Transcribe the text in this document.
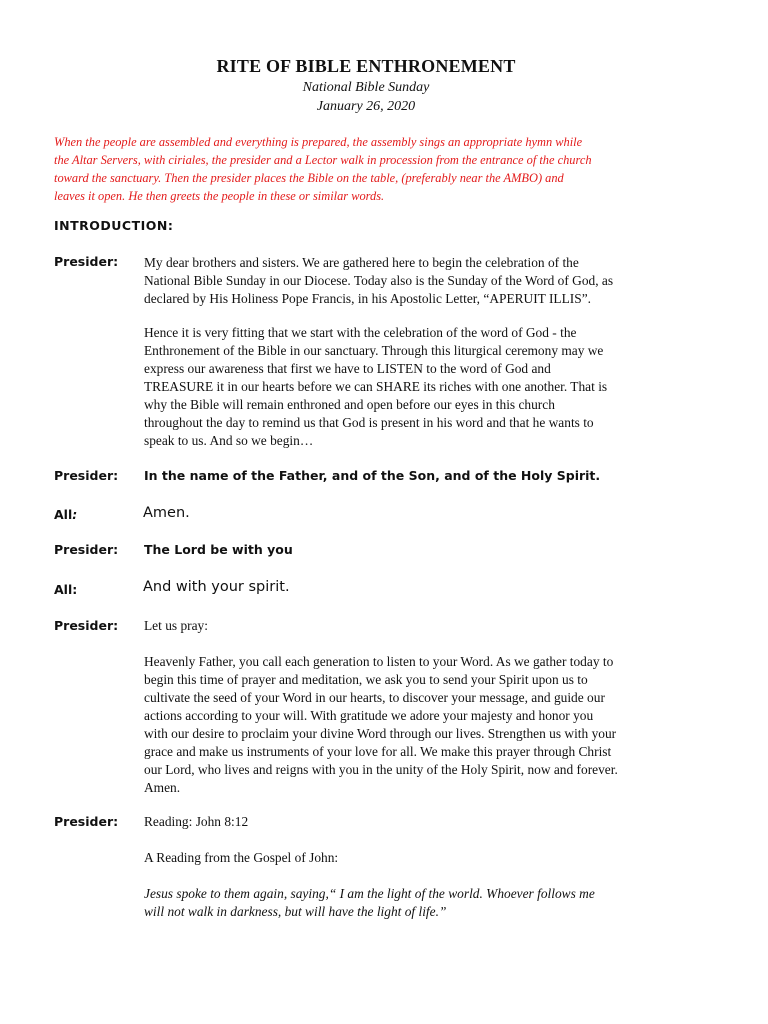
RITE OF BIBLE ENTHRONEMENT
National Bible Sunday
January 26, 2020
When the people are assembled and everything is prepared, the assembly sings an appropriate hymn while
the Altar Servers, with ciriales, the presider and a Lector walk in procession from the entrance of the church
toward the sanctuary. Then the presider places the Bible on the table, (preferably near the AMBO) and
leaves it open. He then greets the people in these or similar words.
INTRODUCTION:
Presider: My dear brothers and sisters. We are gathered here to begin the celebration of the
National Bible Sunday in our Diocese. Today also is the Sunday of the Word of God, as
declared by His Holiness Pope Francis, in his Apostolic Letter, “APERUIT ILLIS”.
Hence it is very fitting that we start with the celebration of the word of God - the
Enthronement of the Bible in our sanctuary. Through this liturgical ceremony may we
express our awareness that first we have to LISTEN to the word of God and
TREASURE it in our hearts before we can SHARE its riches with one another. That is
why the Bible will remain enthroned and open before our eyes in this church
throughout the day to remind us that God is present in his word and that he wants to
speak to us. And so we begin…
Presider: In the name of the Father, and of the Son, and of the Holy Spirit.
All:	Amen.
Presider: The Lord be with you
All:	And with your spirit.
Presider: Let us pray:
Heavenly Father, you call each generation to listen to your Word. As we gather today to
begin this time of prayer and meditation, we ask you to send your Spirit upon us to
cultivate the seed of your Word in our hearts, to discover your message, and guide our
actions according to your will. With gratitude we adore your majesty and honor you
with our desire to proclaim your divine Word through our lives. Strengthen us with your
grace and make us instruments of your love for all. We make this prayer through Christ
our Lord, who lives and reigns with you in the unity of the Holy Spirit, now and forever.
Amen.
Presider: Reading: John 8:12
A Reading from the Gospel of John:
Jesus spoke to them again, saying,“ I am the light of the world. Whoever follows me
will not walk in darkness, but will have the light of life.”
